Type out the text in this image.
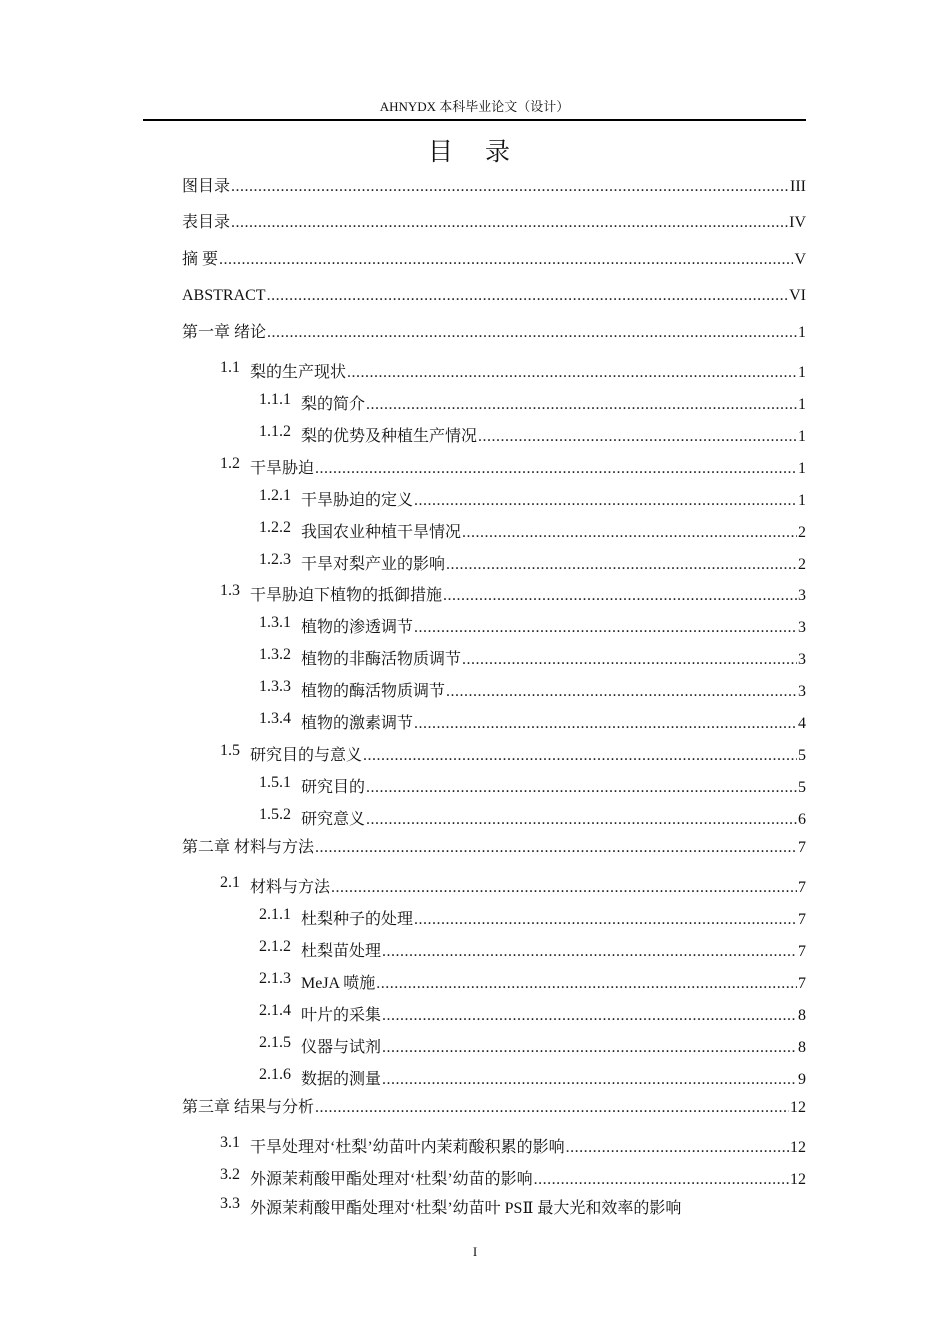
AHNYDX 本科毕业论文（设计）
目 录
图目录 .....	III
表目录 .....	IV
摘 要 .....	V
ABSTRACT .....	VI
第一章 绪论 .....	1
1.1 梨的生产现状 .....	1
1.1.1 梨的简介 .....	1
1.1.2 梨的优势及种植生产情况 .....	1
1.2 干旱胁迫 .....	1
1.2.1 干旱胁迫的定义 .....	1
1.2.2 我国农业种植干旱情况 .....	2
1.2.3 干旱对梨产业的影响 .....	2
1.3 干旱胁迫下植物的抵御措施 .....	3
1.3.1 植物的渗透调节 .....	3
1.3.2 植物的非酶活物质调节 .....	3
1.3.3 植物的酶活物质调节 .....	3
1.3.4 植物的激素调节 .....	4
1.5 研究目的与意义 .....	5
1.5.1 研究目的 .....	5
1.5.2 研究意义 .....	6
第二章 材料与方法 .....	7
2.1 材料与方法 .....	7
2.1.1 杜梨种子的处理 .....	7
2.1.2 杜梨苗处理 .....	7
2.1.3 MeJA 喷施 .....	7
2.1.4 叶片的采集 .....	8
2.1.5 仪器与试剂 .....	8
2.1.6 数据的测量 .....	9
第三章 结果与分析 .....	12
3.1 干旱处理对‘杜梨’幼苗叶内茉莉酸积累的影响 .....	12
3.2 外源茉莉酸甲酯处理对‘杜梨’幼苗的影响 .....	12
3.3 外源茉莉酸甲酯处理对‘杜梨’幼苗叶 PSⅡ 最大光和效率的影响
I
